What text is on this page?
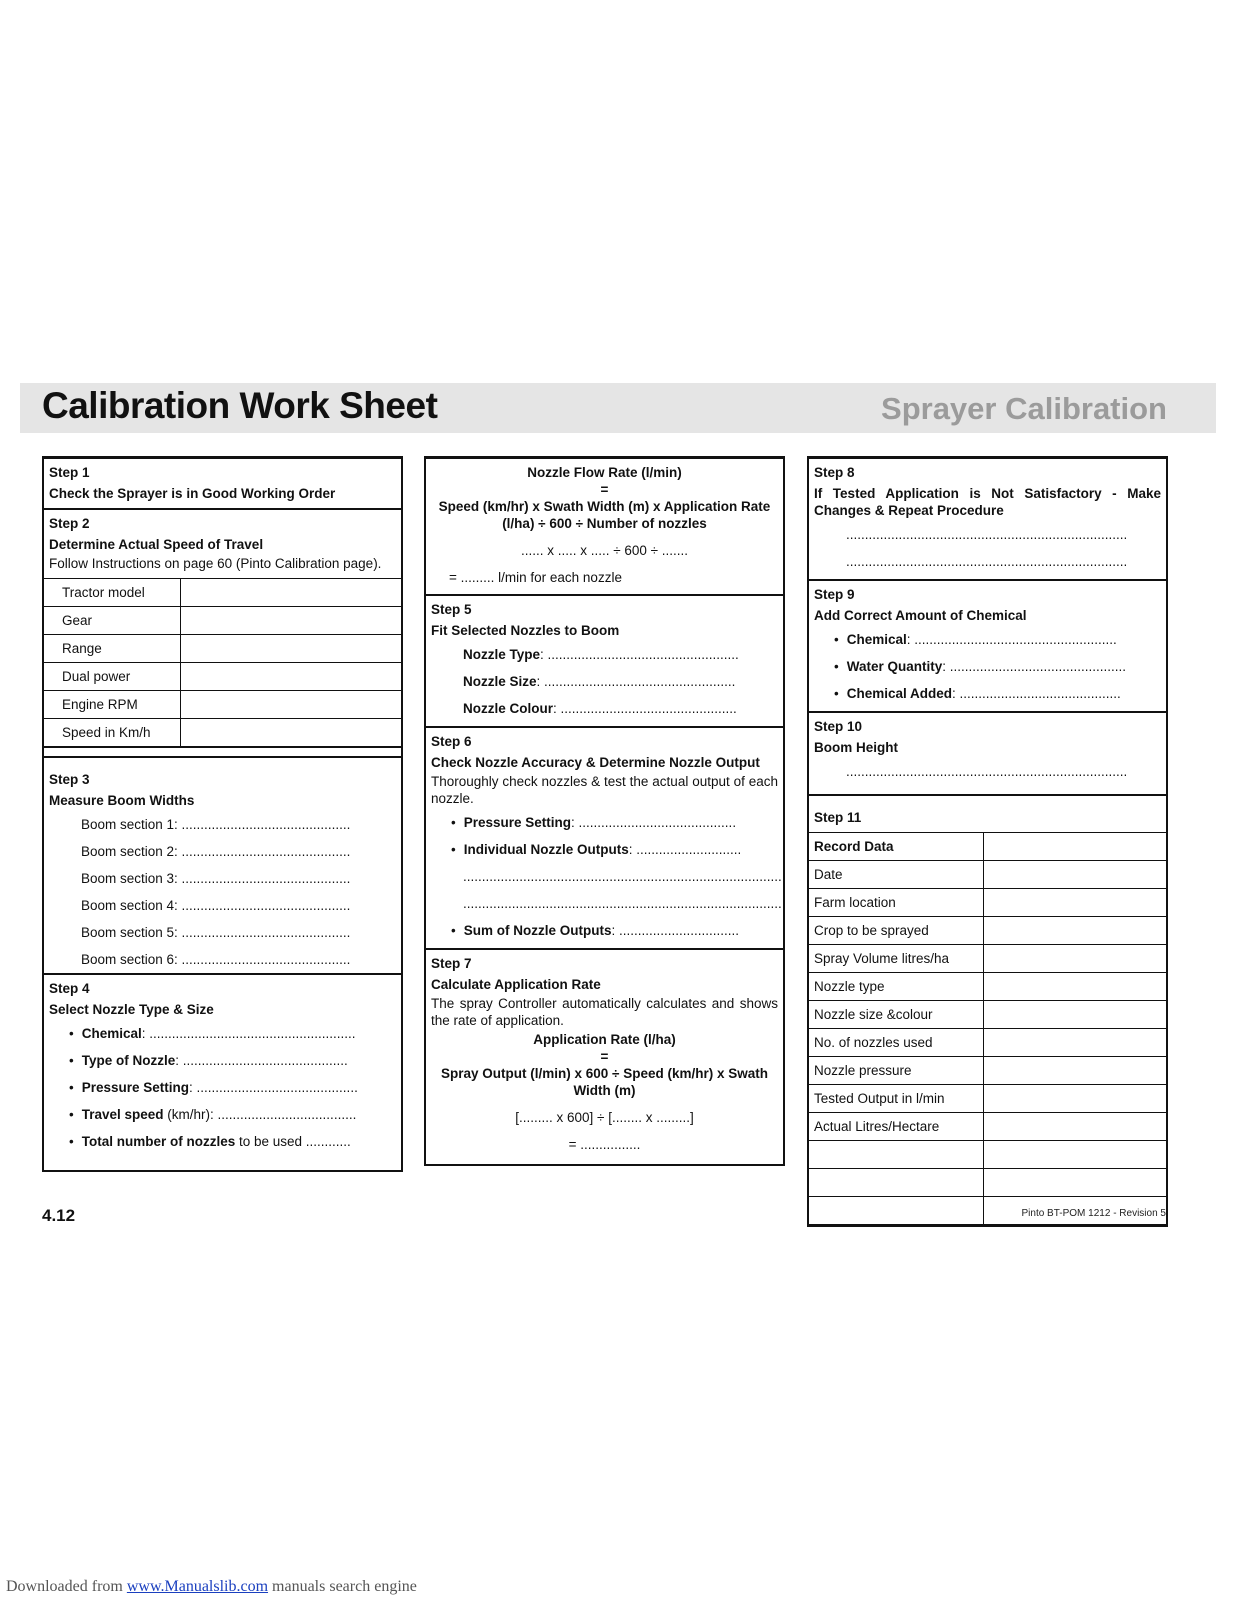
Calibration Work Sheet	Sprayer Calibration

Step 1

Check the Sprayer is in Good Working Order

Step 2

Determine Actual Speed of Travel

Follow Instructions on page 60 (Pinto Calibration page).

Tractor model	
Gear	
Range	
Dual power	
Engine RPM	
Speed in Km/h	

Step 3

Measure Boom Widths

Boom section 1: .............................................

Boom section 2: .............................................

Boom section 3: .............................................

Boom section 4: .............................................

Boom section 5: .............................................

Boom section 6: .............................................

Step 4

Select Nozzle Type & Size

• Chemical: .......................................................

• Type of Nozzle: ............................................

• Pressure Setting: ...........................................

• Travel speed (km/hr): .....................................

• Total number of nozzles to be used ............

Nozzle Flow Rate (l/min)

=

Speed (km/hr) x Swath Width (m) x Application Rate (l/ha) ÷ 600 ÷ Number of nozzles

...... x ..... x ..... ÷ 600 ÷ .......

= ......... l/min for each nozzle

Step 5

Fit Selected Nozzles to Boom

Nozzle Type: ...................................................

Nozzle Size: ...................................................

Nozzle Colour: ...............................................

Step 6

Check Nozzle Accuracy & Determine Nozzle Output

Thoroughly check nozzles & test the actual output of each nozzle.

• Pressure Setting: ..........................................

• Individual Nozzle Outputs: ............................

......................................................................................

......................................................................................

• Sum of Nozzle Outputs: ................................

Step 7

Calculate Application Rate

The spray Controller automatically calculates and shows the rate of application.

Application Rate (l/ha)

=

Spray Output (l/min) x 600 ÷ Speed (km/hr) x Swath Width (m)

[......... x 600] ÷ [........ x .........]

= ................

Step 8

If Tested Application is Not Satisfactory - Make Changes & Repeat Procedure

...........................................................................

...........................................................................

Step 9

Add Correct Amount of Chemical

• Chemical: ......................................................

• Water Quantity: ...............................................

• Chemical Added: ...........................................

Step 10

Boom Height

...........................................................................

Step 11

Record Data	
Date	
Farm location	
Crop to be sprayed	
Spray Volume litres/ha	
Nozzle type	
Nozzle size &colour	
No. of nozzles used	
Nozzle pressure	
Tested Output in l/min	
Actual Litres/Hectare	

4.12	Pinto BT-POM 1212 - Revision 5
Downloaded from www.Manualslib.com manuals search engine
